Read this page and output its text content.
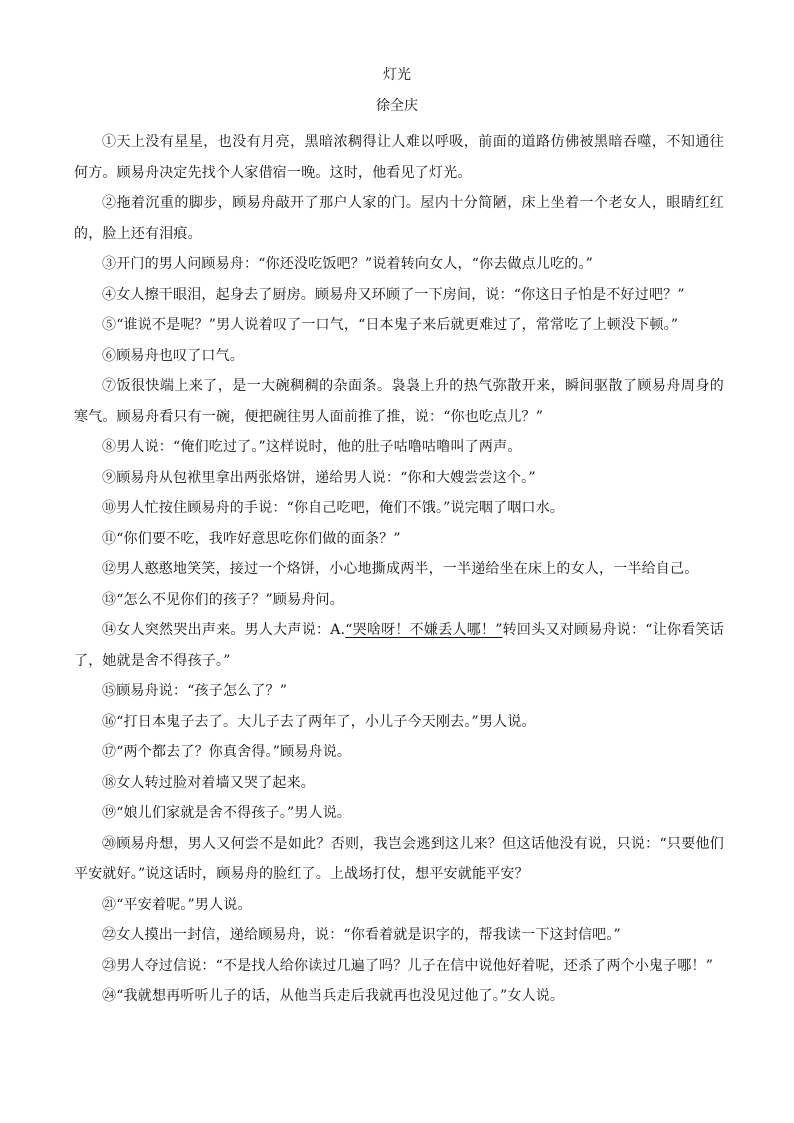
灯光
徐全庆

①天上没有星星，也没有月亮，黑暗浓稠得让人难以呼吸，前面的道路仿佛被黑暗吞噬，不知通往何方。顾易舟决定先找个人家借宿一晚。这时，他看见了灯光。

②拖着沉重的脚步，顾易舟敲开了那户人家的门。屋内十分简陋，床上坐着一个老女人，眼睛红红的，脸上还有泪痕。

③开门的男人问顾易舟：“你还没吃饭吧？”说着转向女人，“你去做点儿吃的。”

④女人擦干眼泪，起身去了厨房。顾易舟又环顾了一下房间，说：“你这日子怕是不好过吧？”

⑤“谁说不是呢？”男人说着叹了一口气，“日本鬼子来后就更难过了，常常吃了上顿没下顿。”

⑥顾易舟也叹了口气。

⑦饭很快端上来了，是一大碗稠稠的杂面条。袅袅上升的热气弥散开来，瞬间驱散了顾易舟周身的寒气。顾易舟看只有一碗，便把碗往男人面前推了推，说：“你也吃点儿？”

⑧男人说：“俺们吃过了。”这样说时，他的肚子咕噜咕噜叫了两声。

⑨顾易舟从包袱里拿出两张烙饼，递给男人说：“你和大嫂尝尝这个。”

⑩男人忙按住顾易舟的手说：“你自己吃吧，俺们不饿。”说完咽了咽口水。

⑪“你们要不吃，我咋好意思吃你们做的面条？”

⑫男人憨憨地笑笑，接过一个烙饼，小心地撕成两半，一半递给坐在床上的女人，一半给自己。

⑬“怎么不见你们的孩子？”顾易舟问。

⑭女人突然哭出声来。男人大声说：A.“哭啥呀！不嫌丢人哪！”转回头又对顾易舟说：“让你看笑话了，她就是舍不得孩子。”

⑮顾易舟说：“孩子怎么了？”

⑯“打日本鬼子去了。大儿子去了两年了，小儿子今天刚去。”男人说。

⑰“两个都去了？你真舍得。”顾易舟说。

⑱女人转过脸对着墙又哭了起来。

⑲“娘儿们家就是舍不得孩子。”男人说。

⑳顾易舟想，男人又何尝不是如此？否则，我岂会逃到这儿来？但这话他没有说，只说：“只要他们平安就好。”说这话时，顾易舟的脸红了。上战场打仗，想平安就能平安？

㉑“平安着呢。”男人说。

㉒女人摸出一封信，递给顾易舟，说：“你看着就是识字的，帮我读一下这封信吧。”

㉓男人夺过信说：“不是找人给你读过几遍了吗？儿子在信中说他好着呢，还杀了两个小鬼子哪！”

㉔“我就想再听听儿子的话，从他当兵走后我就再也没见过他了。”女人说。
